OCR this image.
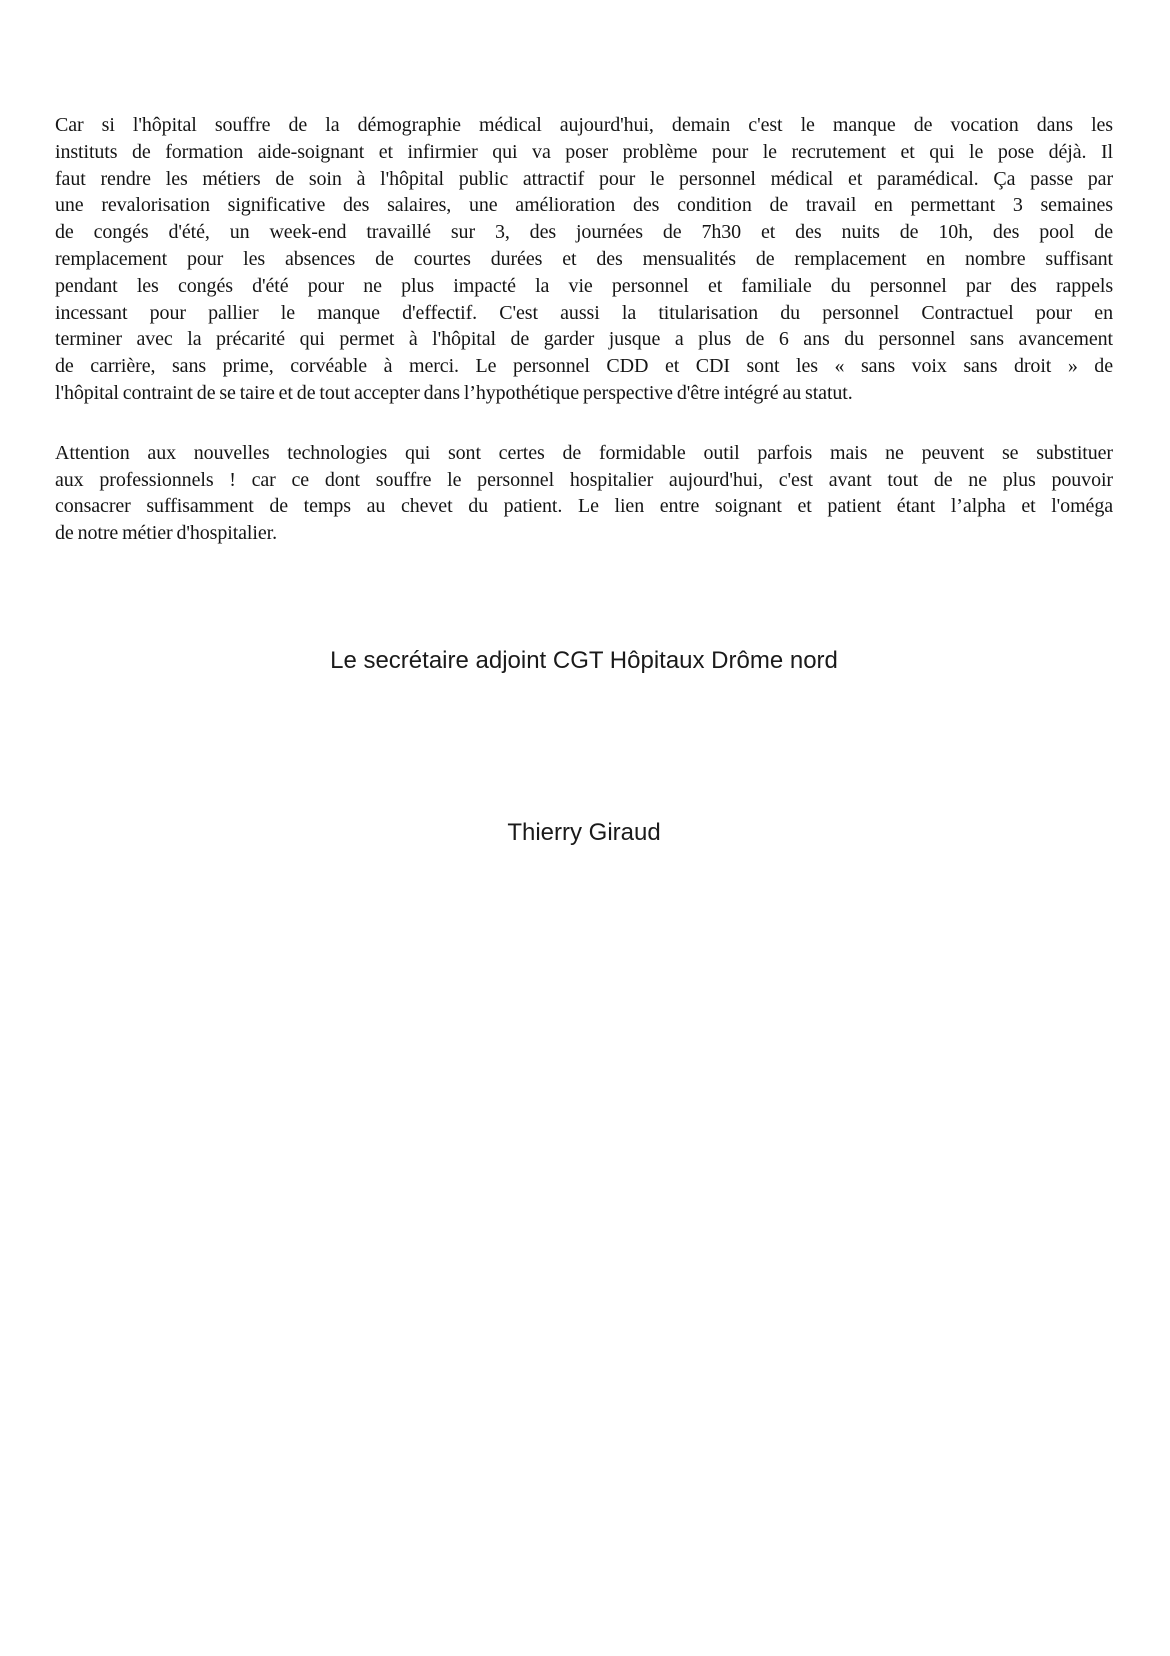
Car si l'hôpital souffre de la démographie médical aujourd'hui, demain c'est le manque de vocation dans les
instituts de formation aide-soignant et infirmier qui va poser problème pour le recrutement et qui le pose déjà. Il
faut rendre les métiers de soin à l'hôpital public attractif pour le personnel médical et paramédical. Ça passe par
une revalorisation significative des salaires, une amélioration des condition de travail en permettant 3 semaines
de congés d'été, un week-end travaillé sur 3, des journées de 7h30 et des nuits de 10h, des pool de
remplacement pour les absences de courtes durées et des mensualités de remplacement en nombre suffisant
pendant les congés d'été pour ne plus impacté la vie personnel et familiale du personnel par des rappels
incessant pour pallier le manque d'effectif. C'est aussi la titularisation du personnel Contractuel pour en
terminer avec la précarité qui permet à l'hôpital de garder jusque a plus de 6 ans du personnel sans avancement
de carrière, sans prime, corvéable à merci. Le personnel CDD et CDI sont les « sans voix sans droit » de
l'hôpital contraint de se taire et de tout accepter dans l’hypothétique perspective d'être intégré au statut.
Attention aux nouvelles technologies qui sont certes de formidable outil parfois mais ne peuvent se substituer
aux professionnels ! car ce dont souffre le personnel hospitalier aujourd'hui, c'est avant tout de ne plus pouvoir
consacrer suffisamment de temps au chevet du patient. Le lien entre soignant et patient étant l’alpha et l'oméga
de notre métier d'hospitalier.
Le secrétaire adjoint CGT Hôpitaux Drôme nord
Thierry Giraud
